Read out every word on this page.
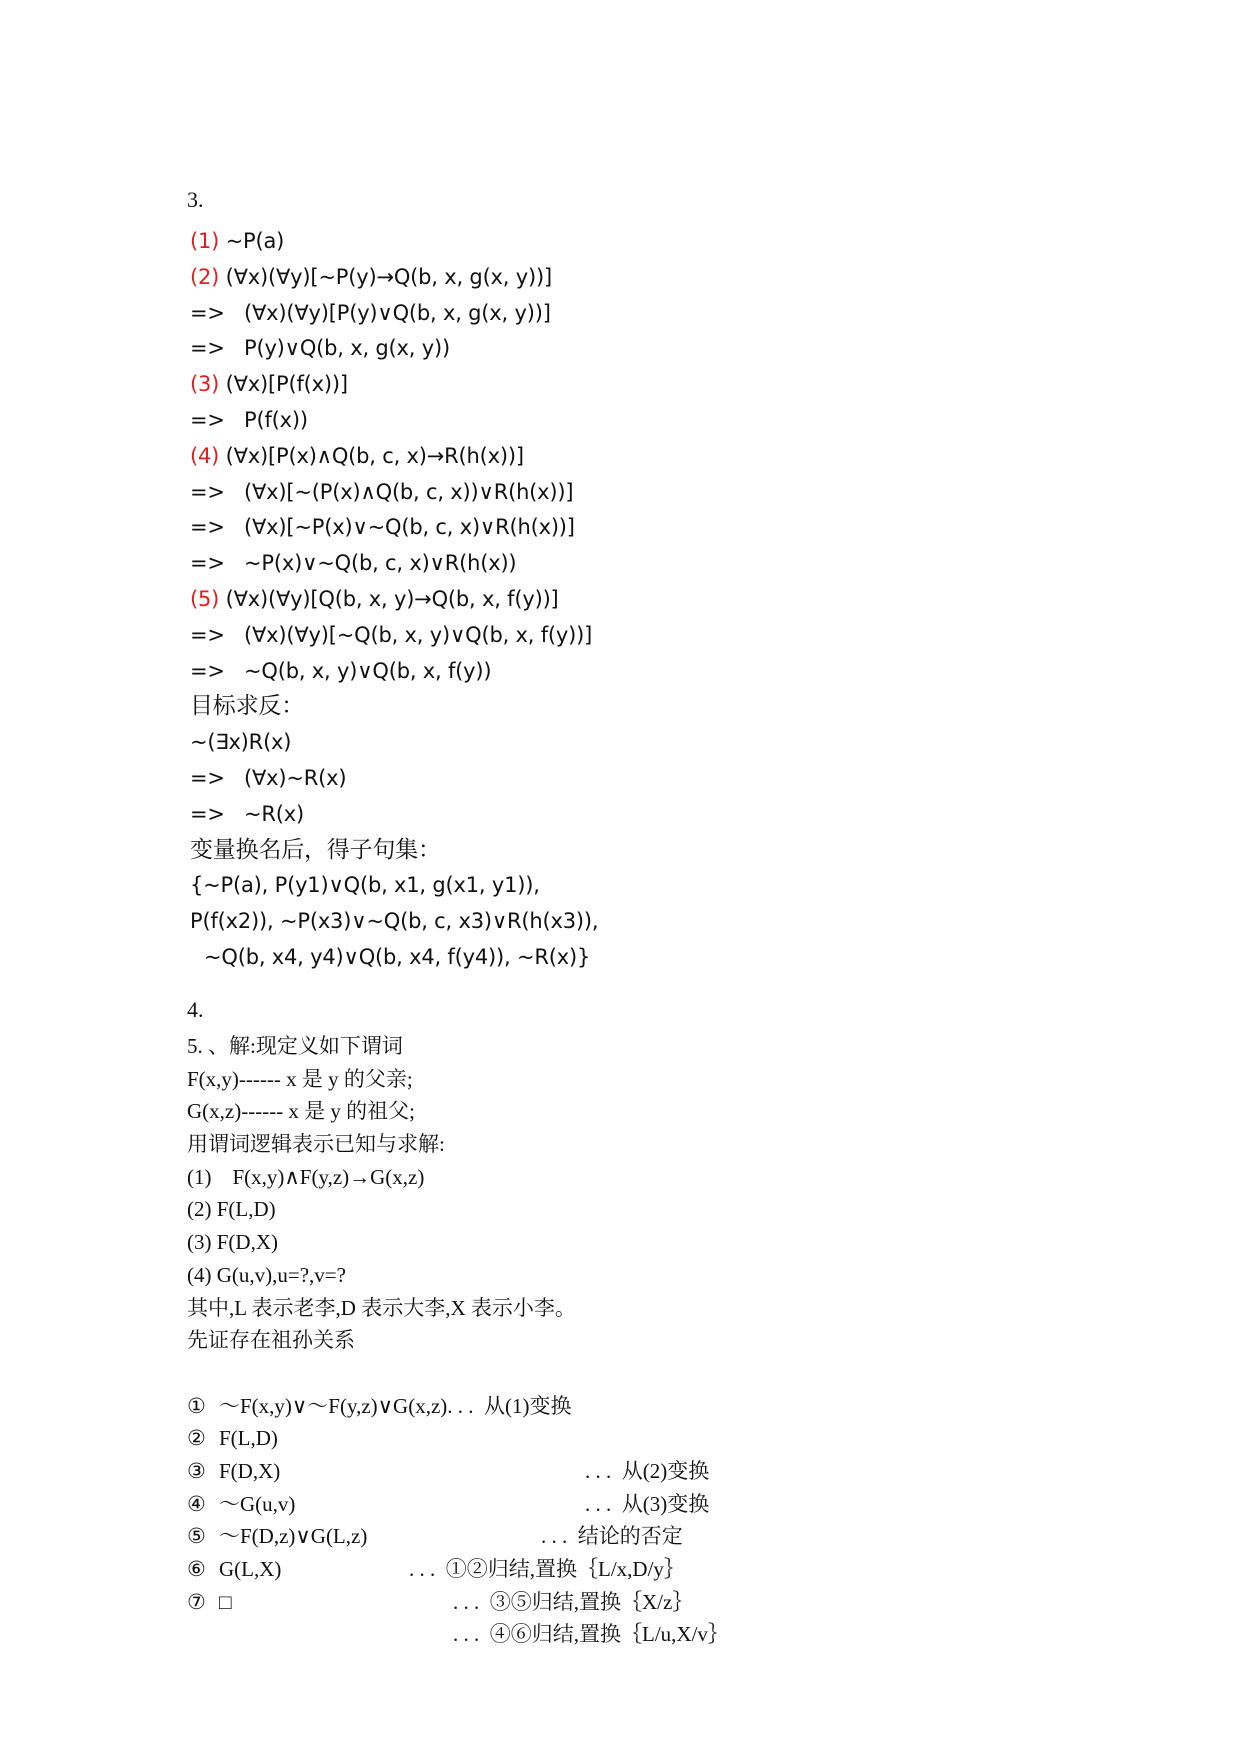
3.
(1) ~P(a)
(2) (∀x)(∀y)[~P(y)→Q(b, x, g(x, y))]
=> (∀x)(∀y)[P(y)∨Q(b, x, g(x, y))]
=> P(y)∨Q(b, x, g(x, y))
(3) (∀x)[P(f(x))]
=> P(f(x))
(4) (∀x)[P(x)∧Q(b, c, x)→R(h(x))]
=> (∀x)[~(P(x)∧Q(b, c, x))∨R(h(x))]
=> (∀x)[~P(x)∨~Q(b, c, x)∨R(h(x))]
=> ~P(x)∨~Q(b, c, x)∨R(h(x))
(5) (∀x)(∀y)[Q(b, x, y)→Q(b, x, f(y))]
=> (∀x)(∀y)[~Q(b, x, y)∨Q(b, x, f(y))]
=> ~Q(b, x, y)∨Q(b, x, f(y))
目标求反：
~(∃x)R(x)
=> (∀x)~R(x)
=> ~R(x)
变量换名后，得子句集：
{~P(a), P(y1)∨Q(b, x1, g(x1, y1)),
P(f(x2)), ~P(x3)∨~Q(b, c, x3)∨R(h(x3)),
~Q(b, x4, y4)∨Q(b, x4, f(y4)), ~R(x)}
4.
5. 、解:现定义如下谓词
F(x,y)------ x 是 y 的父亲;
G(x,z)------ x 是 y 的祖父;
用谓词逻辑表示已知与求解:
(1)    F(x,y)∧F(y,z)→G(x,z)
(2) F(L,D)
(3) F(D,X)
(4) G(u,v),u=?,v=?
其中,L 表示老李,D 表示大李,X 表示小李。
先证存在祖孙关系

① ～F(x,y)∨～F(y,z)∨G(x,z). . .  从(1)变换

② F(L,D)

. . .  从(2)变换

③ F(D,X)

. . .  从(3)变换

④ ～G(u,v)

. . .  结论的否定

⑤ ～F(D,z)∨G(L,z)

. . .  ①②归结,置换｛L/x,D/y｝

⑥ G(L,X)

. . .  ③⑤归结,置换｛X/z｝

⑦ □

. . .  ④⑥归结,置换｛L/u,X/v｝
